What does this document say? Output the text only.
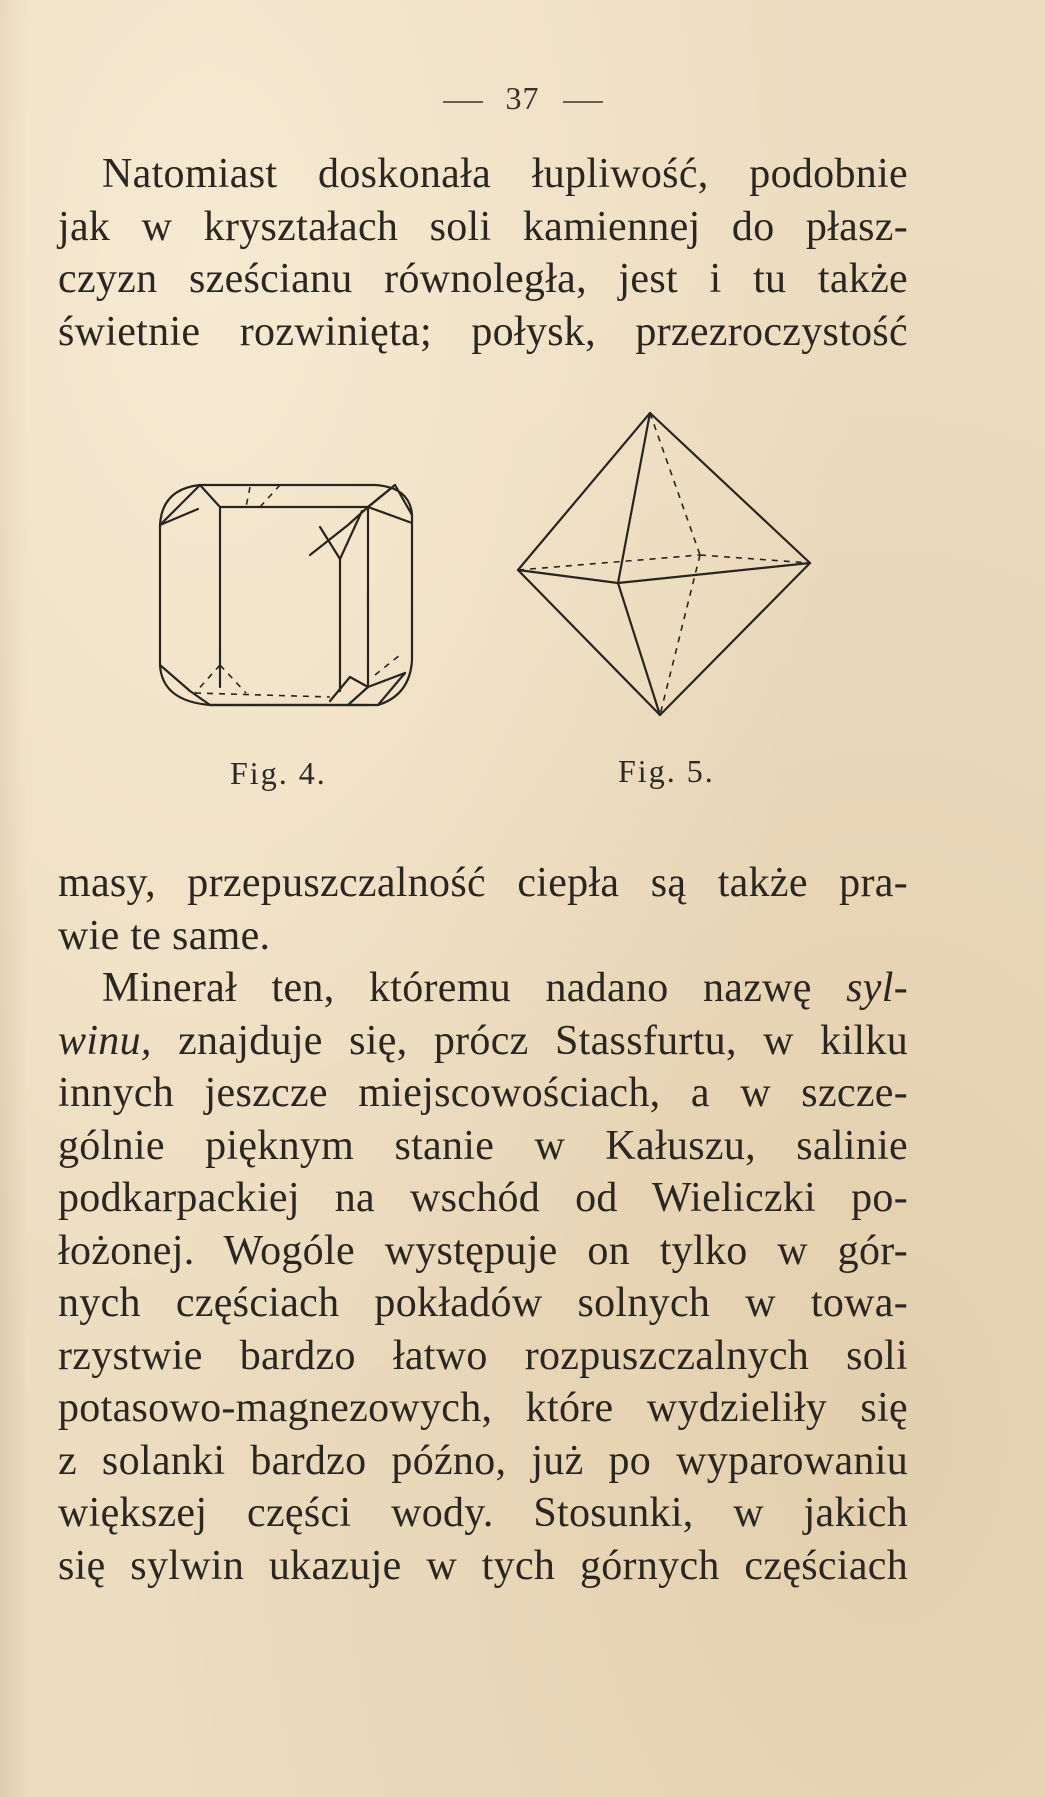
37
Natomiast doskonała łupliwość, podobnie
jak w kryształach soli kamiennej do płasz-
czyzn sześcianu równoległa, jest i tu także
świetnie rozwinięta; połysk, przezroczystość
Fig. 4.	Fig. 5.
masy, przepuszczalność ciepła są także pra-
wie te same.
Minerał ten, któremu nadano nazwę syl-
winu, znajduje się, prócz Stassfurtu, w kilku
innych jeszcze miejscowościach, a w szcze-
gólnie pięknym stanie w Kałuszu, salinie
podkarpackiej na wschód od Wieliczki po-
łożonej. Wogóle występuje on tylko w gór-
nych częściach pokładów solnych w towa-
rzystwie bardzo łatwo rozpuszczalnych soli
potasowo-magnezowych, które wydzieliły się
z solanki bardzo późno, już po wyparowaniu
większej części wody. Stosunki, w jakich
się sylwin ukazuje w tych górnych częściach
